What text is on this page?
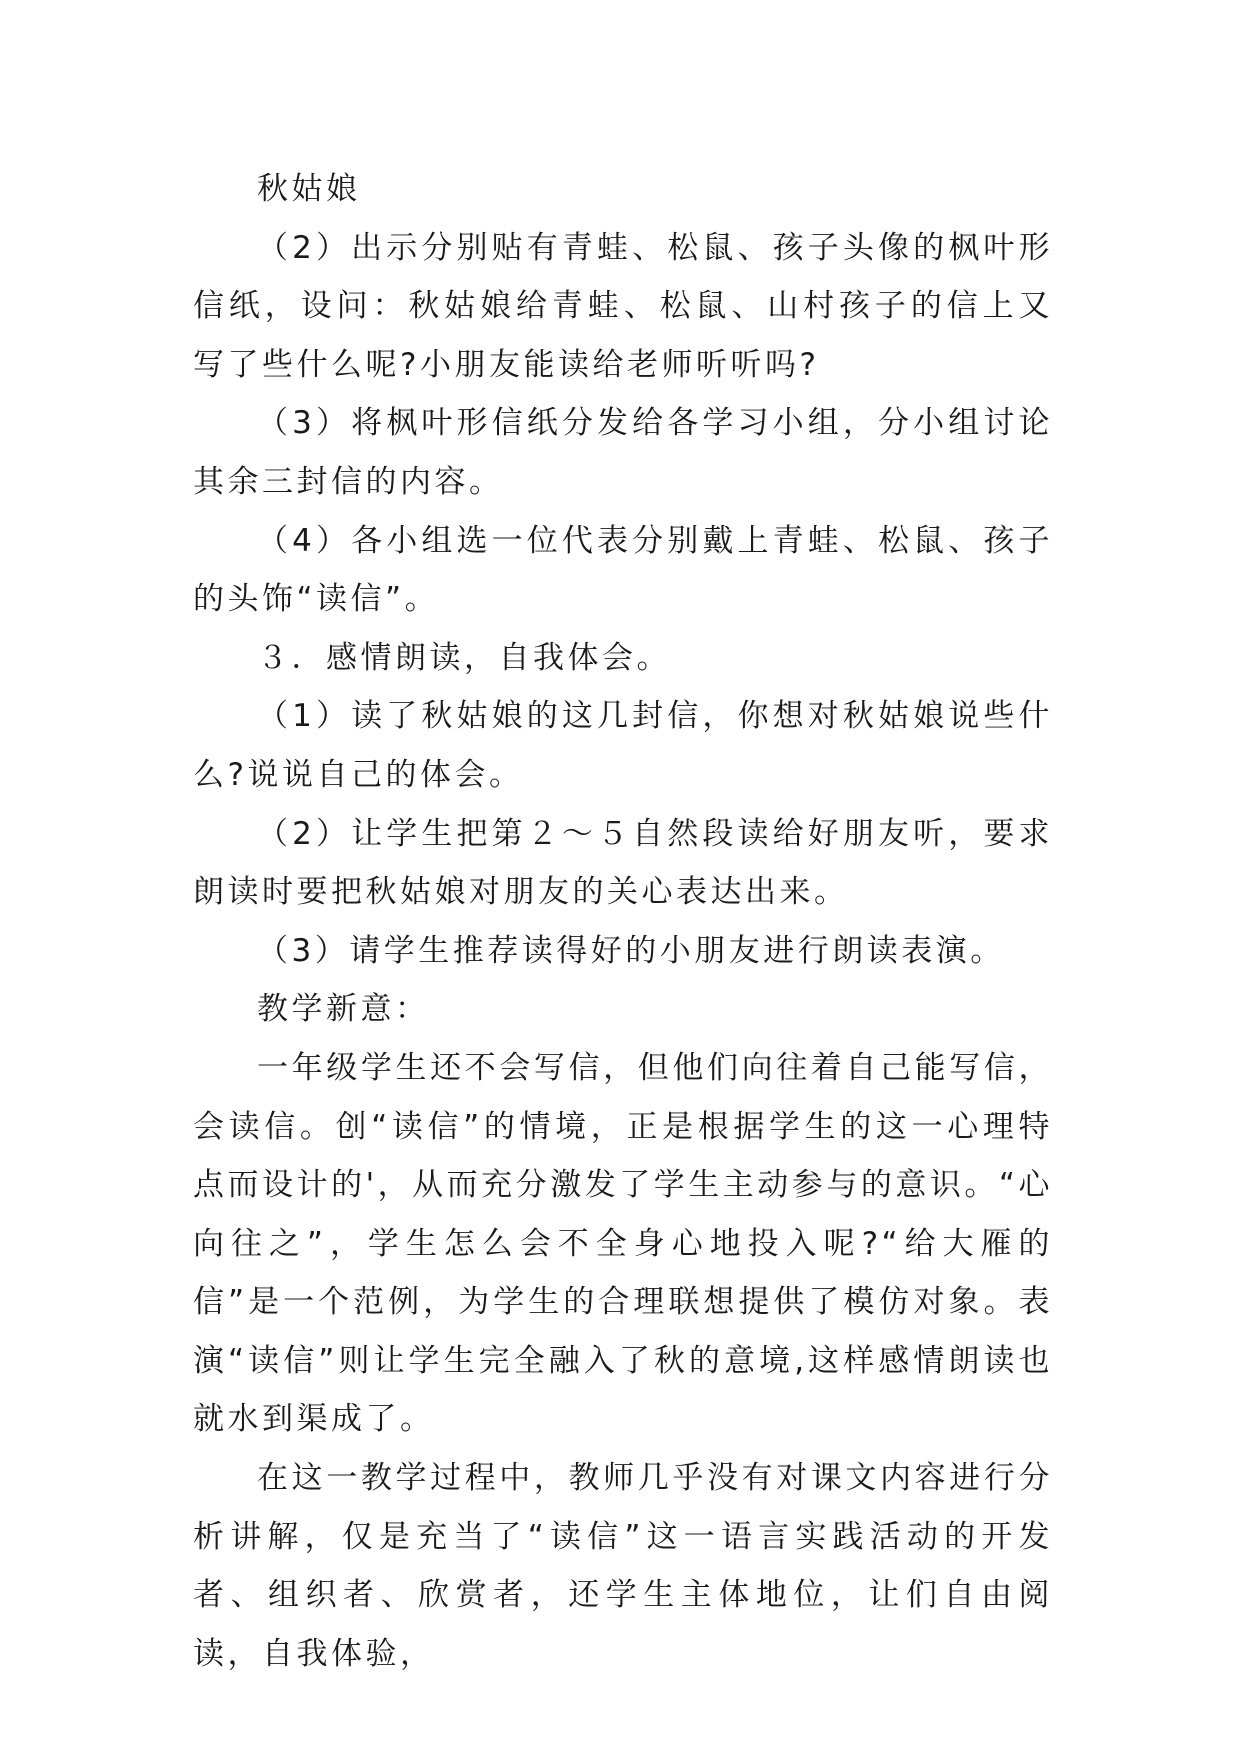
秋姑娘

（2）出示分别贴有青蛙、松鼠、孩子头像的枫叶形信纸，设问：秋姑娘给青蛙、松鼠、山村孩子的信上又写了些什么呢?小朋友能读给老师听听吗?

（3）将枫叶形信纸分发给各学习小组，分小组讨论其余三封信的内容。

（4）各小组选一位代表分别戴上青蛙、松鼠、孩子的头饰“读信”。

３．感情朗读，自我体会。

（1）读了秋姑娘的这几封信，你想对秋姑娘说些什么?说说自己的体会。

（2）让学生把第２～５自然段读给好朋友听，要求朗读时要把秋姑娘对朋友的关心表达出来。

（3）请学生推荐读得好的小朋友进行朗读表演。

教学新意：

一年级学生还不会写信，但他们向往着自己能写信，会读信。创“读信”的情境，正是根据学生的这一心理特点而设计的'，从而充分激发了学生主动参与的意识。“心向往之”，学生怎么会不全身心地投入呢?“给大雁的信”是一个范例，为学生的合理联想提供了模仿对象。表演“读信”则让学生完全融入了秋的意境,这样感情朗读也就水到渠成了。

在这一教学过程中，教师几乎没有对课文内容进行分析讲解，仅是充当了“读信”这一语言实践活动的开发者、组织者、欣赏者，还学生主体地位，让们自由阅读，自我体验，
